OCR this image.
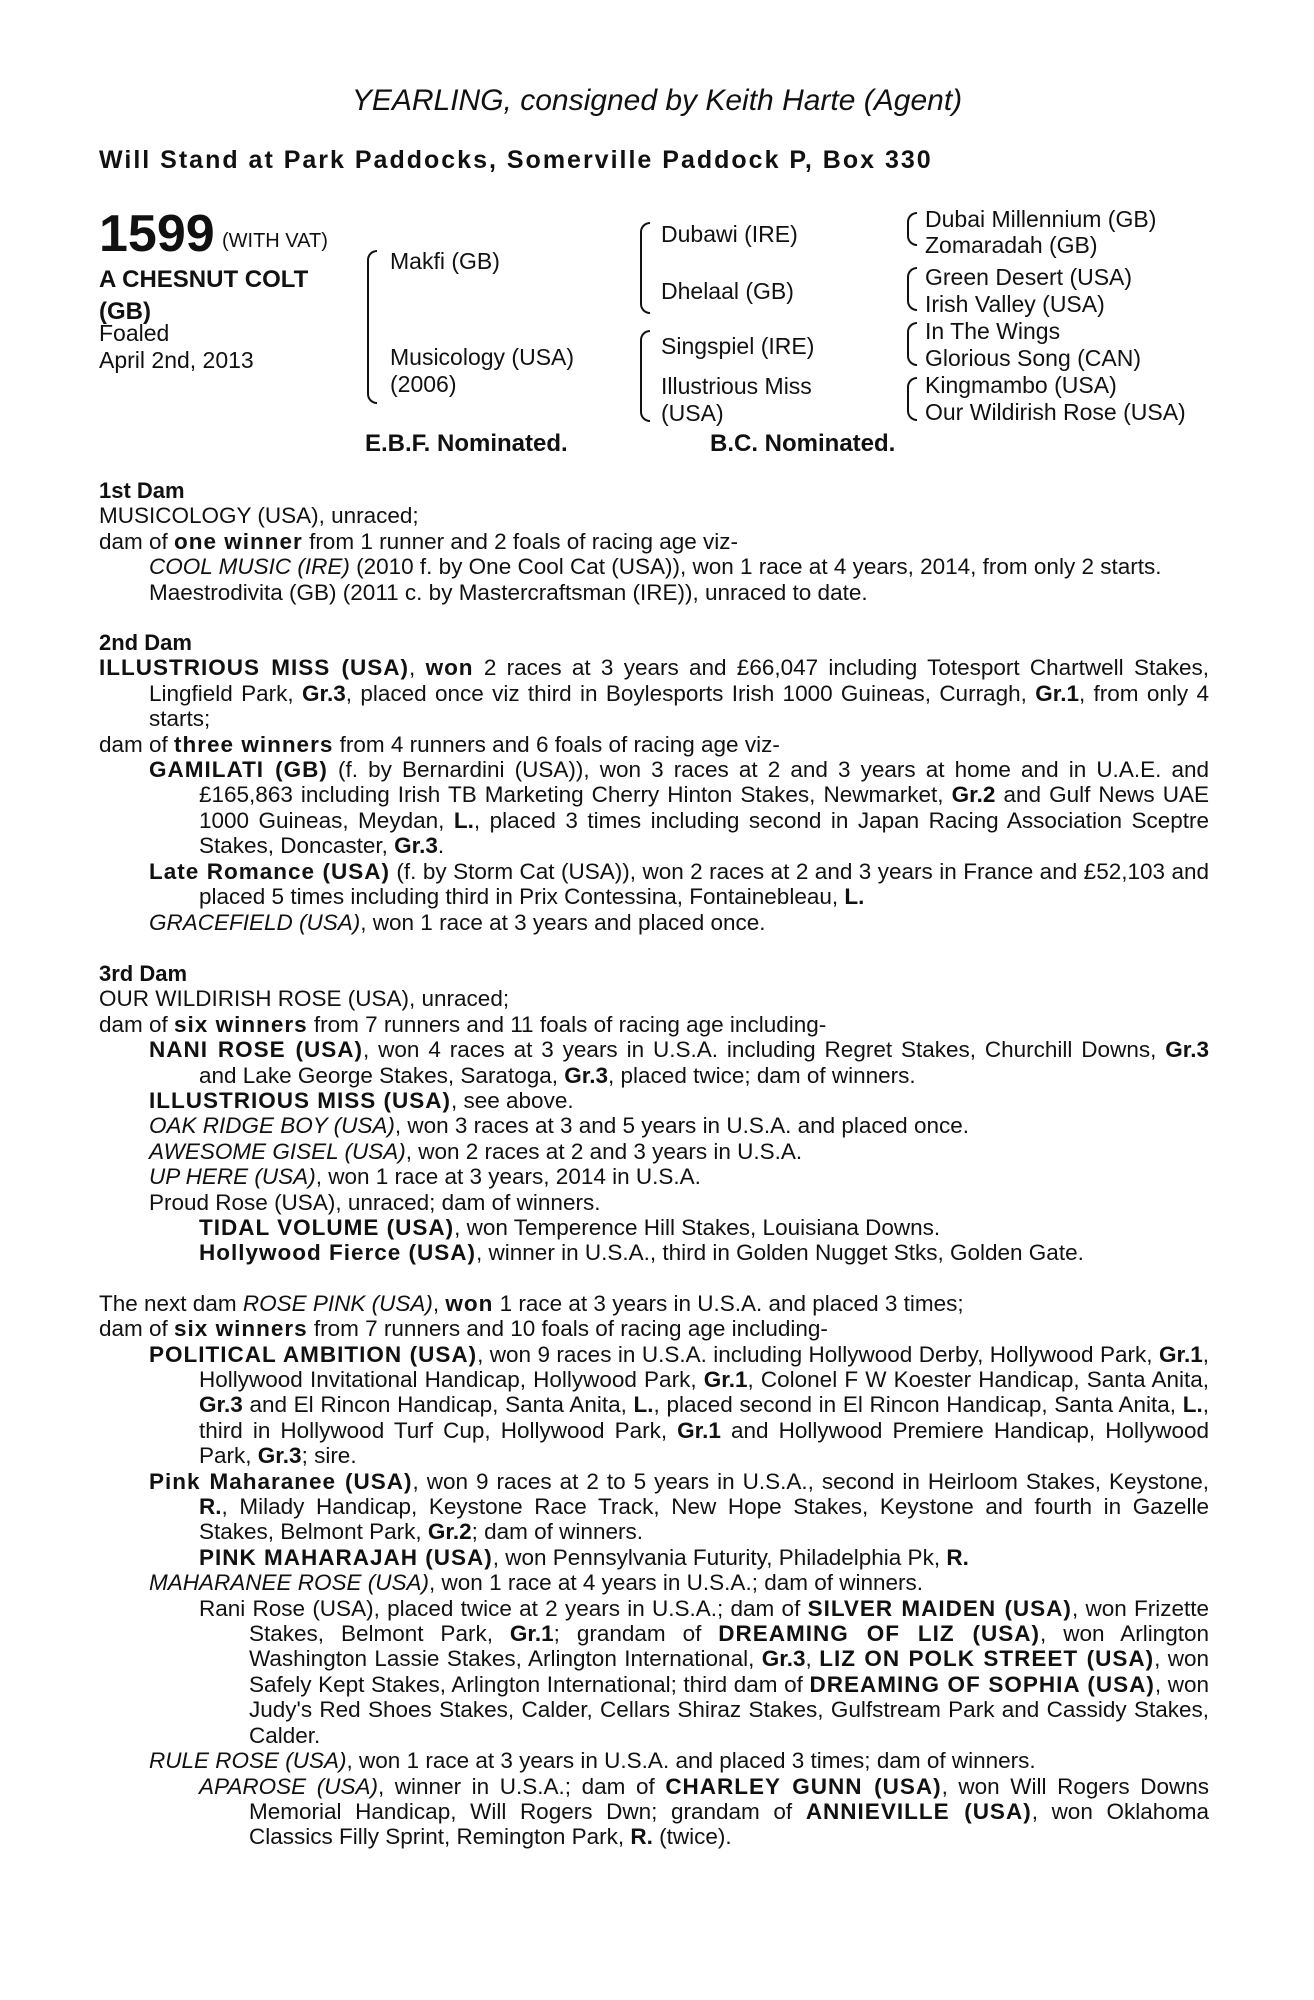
YEARLING, consigned by Keith Harte (Agent)
Will Stand at Park Paddocks, Somerville Paddock P, Box 330
1599 (WITH VAT)
A CHESNUT COLT (GB)
Foaled
April 2nd, 2013
Makfi (GB)
Musicology (USA)
(2006)
Dubawi (IRE)
Dhelaal (GB)
Singspiel (IRE)
Illustrious Miss
(USA)
Dubai Millennium (GB)
Zomaradah (GB)
Green Desert (USA)
Irish Valley (USA)
In The Wings
Glorious Song (CAN)
Kingmambo (USA)
Our Wildirish Rose (USA)
E.B.F. Nominated.	B.C. Nominated.

1st Dam

MUSICOLOGY (USA), unraced;

dam of one winner from 1 runner and 2 foals of racing age viz-

COOL MUSIC (IRE) (2010 f. by One Cool Cat (USA)), won 1 race at 4 years, 2014, from only 2 starts.

Maestrodivita (GB) (2011 c. by Mastercraftsman (IRE)), unraced to date.

2nd Dam

ILLUSTRIOUS MISS (USA), won 2 races at 3 years and £66,047 including Totesport Chartwell Stakes, Lingfield Park, Gr.3, placed once viz third in Boylesports Irish 1000 Guineas, Curragh, Gr.1, from only 4 starts;

dam of three winners from 4 runners and 6 foals of racing age viz-

GAMILATI (GB) (f. by Bernardini (USA)), won 3 races at 2 and 3 years at home and in U.A.E. and £165,863 including Irish TB Marketing Cherry Hinton Stakes, Newmarket, Gr.2 and Gulf News UAE 1000 Guineas, Meydan, L., placed 3 times including second in Japan Racing Association Sceptre Stakes, Doncaster, Gr.3.

Late Romance (USA) (f. by Storm Cat (USA)), won 2 races at 2 and 3 years in France and £52,103 and placed 5 times including third in Prix Contessina, Fontainebleau, L.

GRACEFIELD (USA), won 1 race at 3 years and placed once.

3rd Dam

OUR WILDIRISH ROSE (USA), unraced;

dam of six winners from 7 runners and 11 foals of racing age including-

NANI ROSE (USA), won 4 races at 3 years in U.S.A. including Regret Stakes, Churchill Downs, Gr.3 and Lake George Stakes, Saratoga, Gr.3, placed twice; dam of winners.

ILLUSTRIOUS MISS (USA), see above.

OAK RIDGE BOY (USA), won 3 races at 3 and 5 years in U.S.A. and placed once.

AWESOME GISEL (USA), won 2 races at 2 and 3 years in U.S.A.

UP HERE (USA), won 1 race at 3 years, 2014 in U.S.A.

Proud Rose (USA), unraced; dam of winners.

TIDAL VOLUME (USA), won Temperence Hill Stakes, Louisiana Downs.

Hollywood Fierce (USA), winner in U.S.A., third in Golden Nugget Stks, Golden Gate.

The next dam ROSE PINK (USA), won 1 race at 3 years in U.S.A. and placed 3 times;

dam of six winners from 7 runners and 10 foals of racing age including-

POLITICAL AMBITION (USA), won 9 races in U.S.A. including Hollywood Derby, Hollywood Park, Gr.1, Hollywood Invitational Handicap, Hollywood Park, Gr.1, Colonel F W Koester Handicap, Santa Anita, Gr.3 and El Rincon Handicap, Santa Anita, L., placed second in El Rincon Handicap, Santa Anita, L., third in Hollywood Turf Cup, Hollywood Park, Gr.1 and Hollywood Premiere Handicap, Hollywood Park, Gr.3; sire.

Pink Maharanee (USA), won 9 races at 2 to 5 years in U.S.A., second in Heirloom Stakes, Keystone, R., Milady Handicap, Keystone Race Track, New Hope Stakes, Keystone and fourth in Gazelle Stakes, Belmont Park, Gr.2; dam of winners.

PINK MAHARAJAH (USA), won Pennsylvania Futurity, Philadelphia Pk, R.

MAHARANEE ROSE (USA), won 1 race at 4 years in U.S.A.; dam of winners.

Rani Rose (USA), placed twice at 2 years in U.S.A.; dam of SILVER MAIDEN (USA), won Frizette Stakes, Belmont Park, Gr.1; grandam of DREAMING OF LIZ (USA), won Arlington Washington Lassie Stakes, Arlington International, Gr.3, LIZ ON POLK STREET (USA), won Safely Kept Stakes, Arlington International; third dam of DREAMING OF SOPHIA (USA), won Judy's Red Shoes Stakes, Calder, Cellars Shiraz Stakes, Gulfstream Park and Cassidy Stakes, Calder.

RULE ROSE (USA), won 1 race at 3 years in U.S.A. and placed 3 times; dam of winners.

APAROSE (USA), winner in U.S.A.; dam of CHARLEY GUNN (USA), won Will Rogers Downs Memorial Handicap, Will Rogers Dwn; grandam of ANNIEVILLE (USA), won Oklahoma Classics Filly Sprint, Remington Park, R. (twice).
